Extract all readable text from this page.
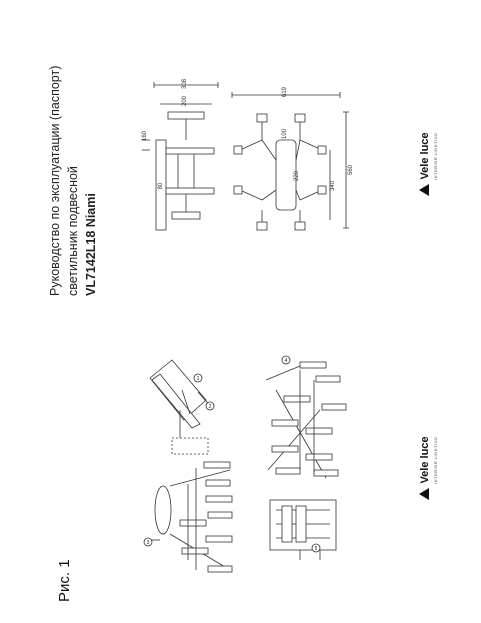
Руководство по эксплуатации (паспорт) светильник подвесной VL7142L18 Niami
Рис. 1
Vele luce INTERIOR LIGHTING
Vele luce INTERIOR LIGHTING
308
200
160
619
100
220
340
560
80
1
2
3
4
5
